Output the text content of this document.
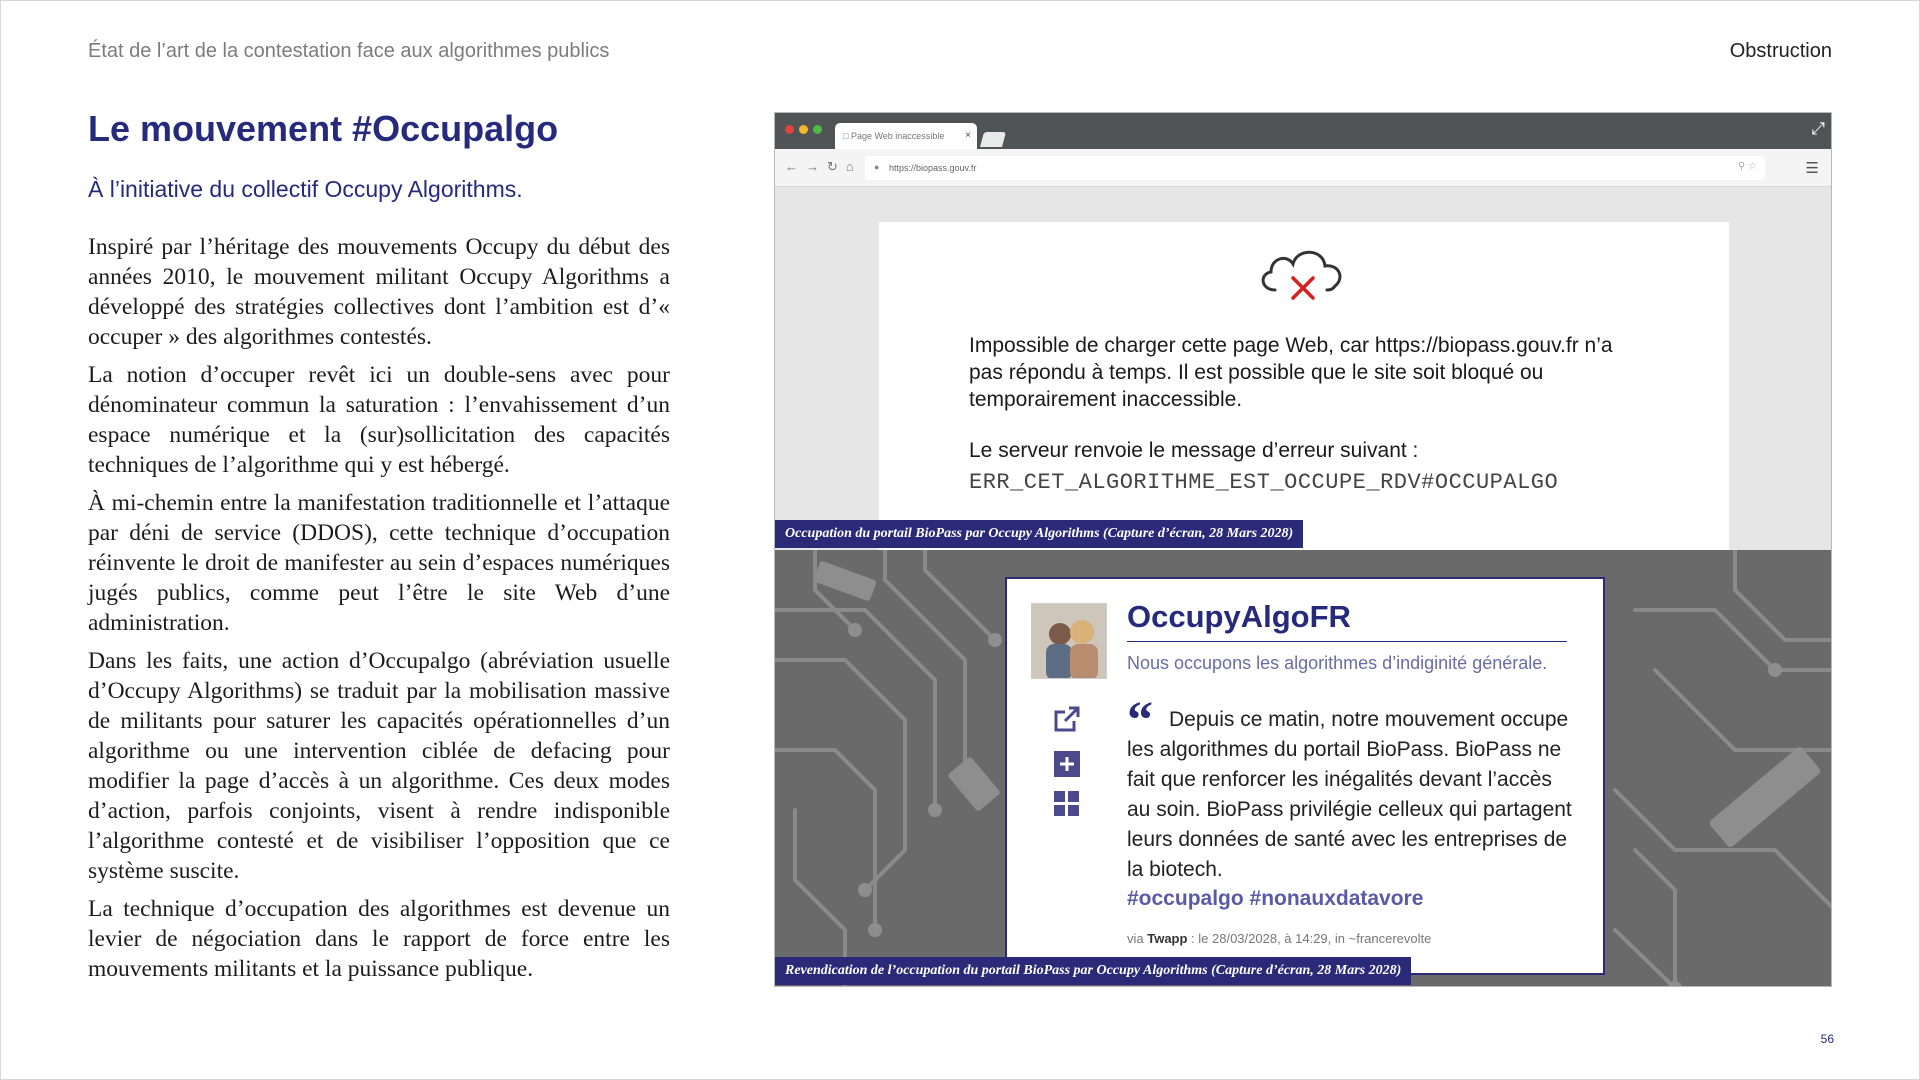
État de l’art de la contestation face aux algorithmes publics	Obstruction
Le mouvement #Occupalgo
À l’initiative du collectif Occupy Algorithms.

Inspiré par l’héritage des mouvements Occupy du début des années 2010, le mouvement militant Occupy Algorithms a développé des stratégies collectives dont l’ambition est d’« occuper » des algorithmes contestés.

La notion d’occuper revêt ici un double-sens avec pour dénominateur commun la saturation : l’envahissement d’un espace numérique et la (sur)sollicitation des capacités techniques de l’algorithme qui y est hébergé.

À mi-chemin entre la manifestation traditionnelle et l’attaque par déni de service (DDOS), cette technique d’occupation réinvente le droit de manifester au sein d’espaces numériques jugés publics, comme peut l’être le site Web d’une administration.

Dans les faits, une action d’Occupalgo (abréviation usuelle d’Occupy Algorithms) se traduit par la mobilisation massive de militants pour saturer les capacités opérationnelles d’un algorithme ou une intervention ciblée de defacing pour modifier la page d’accès à un algorithme. Ces deux modes d’action, parfois conjoints, visent à rendre indisponible l’algorithme contesté et de visibiliser l’opposition que ce système suscite.

La technique d’occupation des algorithmes est devenue un levier de négociation dans le rapport de force entre les mouvements militants et la puissance publique.

□ Page Web inaccessible ×	⤢
← → ↻ ⌂ ● https://biopass.gouv.fr	⚲ ☆	☰
Impossible de charger cette page Web, car https://biopass.gouv.fr n’a pas répondu à temps. Il est possible que le site soit bloqué ou temporairement inaccessible.
Le serveur renvoie le message d’erreur suivant :
ERR_CET_ALGORITHME_EST_OCCUPE_RDV#OCCUPALGO
Occupation du portail BioPass par Occupy Algorithms (Capture d’écran, 28 Mars 2028)
OccupyAlgoFR
Nous occupons les algorithmes d’indiginité générale.
“ Depuis ce matin, notre mouvement occupe les algorithmes du portail BioPass. BioPass ne fait que renforcer les inégalités devant l’accès au soin. BioPass privilégie celleux qui partagent leurs données de santé avec les entreprises de la biotech.
#occupalgo #nonauxdatavore
via Twapp : le 28/03/2028, à 14:29, in ~francerevolte
Revendication de l’occupation du portail BioPass par Occupy Algorithms (Capture d’écran, 28 Mars 2028)
56
